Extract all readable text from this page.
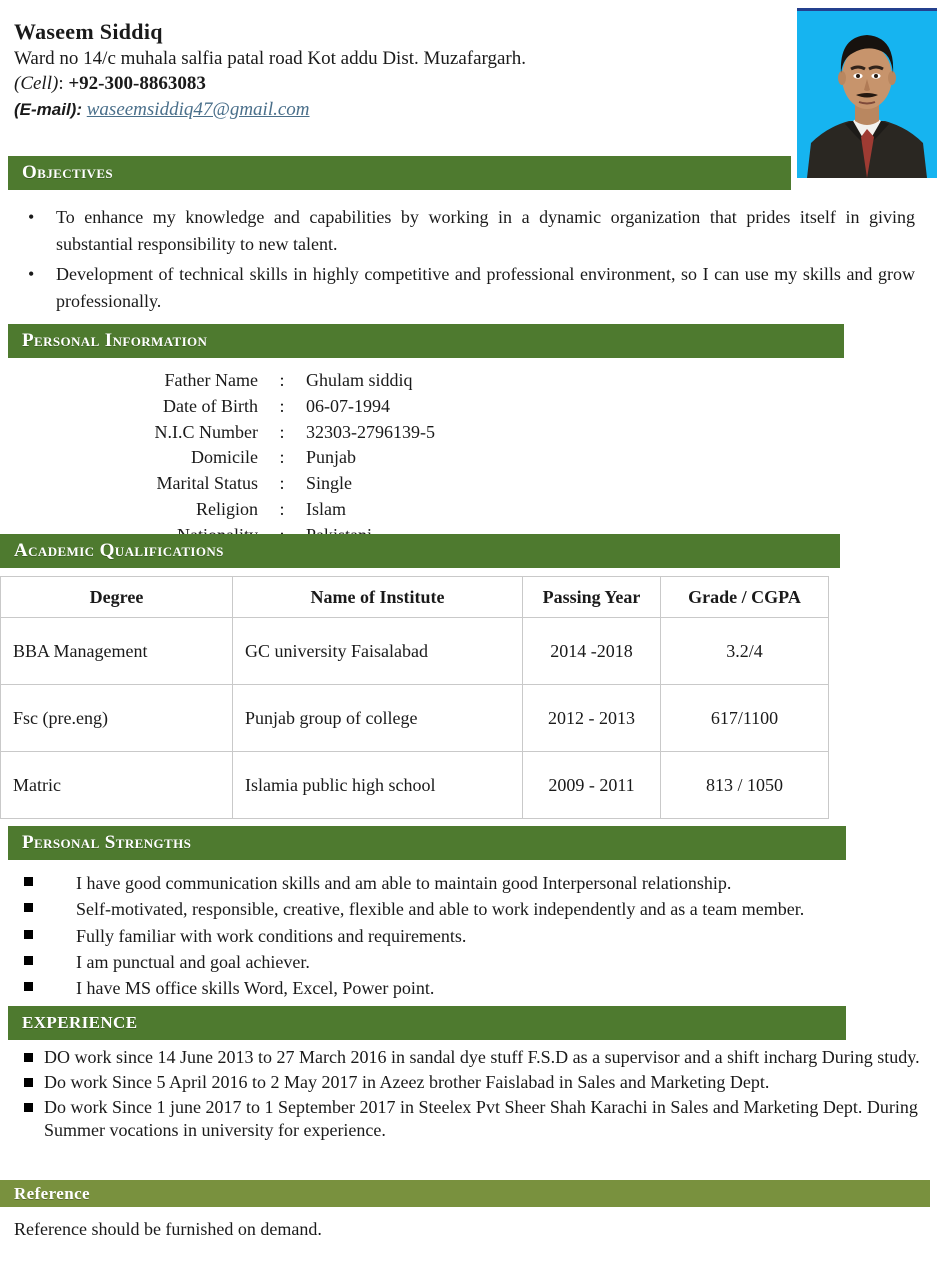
Waseem Siddiq
Ward no 14/c muhala salfia patal road Kot addu Dist. Muzafargarh.
(Cell): +92-300-8863083
(E-mail): waseemsiddiq47@gmail.com
Objectives
• To enhance my knowledge and capabilities by working in a dynamic organization that prides itself in giving substantial responsibility to new talent.
• Development of technical skills in highly competitive and professional environment, so I can use my skills and grow professionally.
Personal Information
Father Name	:	Ghulam siddiq
Date of Birth	:	06-07-1994
N.I.C Number	:	32303-2796139-5
Domicile	:	Punjab
Marital Status	:	Single
Religion	:	Islam

Academic Qualifications
Degree	Name of Institute	Passing Year	Grade / CGPA
BBA Management	GC university Faisalabad	2014 -2018	3.2/4
Fsc (pre.eng)	Punjab group of college	2012 - 2013	617/1100
Matric	Islamia public high school	2009 - 2011	813 / 1050
Personal Strengths
I have good communication skills and am able to maintain good Interpersonal relationship.
Self-motivated, responsible, creative, flexible and able to work independently and as a team member.
Fully familiar with work conditions and requirements.
I am punctual and goal achiever.
I have MS office skills Word, Excel, Power point.
EXPERIENCE
DO work since 14 June 2013 to 27 March 2016 in sandal dye stuff F.S.D as a supervisor and a shift incharg During study.
Do work Since 5 April 2016 to 2 May 2017 in Azeez brother Faislabad in Sales and Marketing Dept.
Do work Since 1 june 2017 to 1 September 2017 in Steelex Pvt Sheer Shah Karachi in Sales and Marketing Dept. During Summer vocations in university for experience.
Reference

Reference should be furnished on demand.
